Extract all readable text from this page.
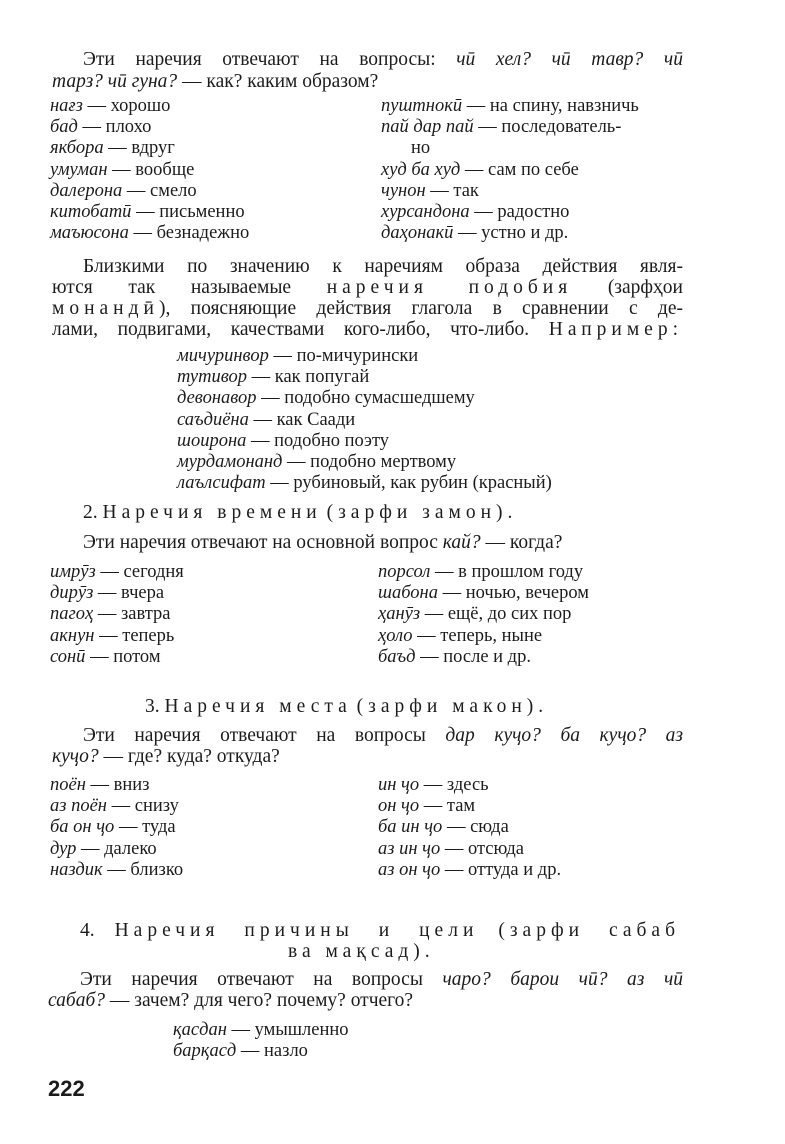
Эти наречия отвечают на вопросы: чӣ хел? чӣ тавр? чӣ

тарз? чӣ гуна? — как? каким образом?

нағз — хорошо
бад — плохо
якбора — вдруг
умуман — вообще
далерона — смело
китобатӣ — письменно
маъюсона — безнадежно
пуштнокӣ — на спину, навзничь
пай дар пай — последователь-
но
худ ба худ — сам по себе
чунон — так
хурсандона — радостно
даҳонакӣ — устно и др.

Близкими по значению к наречиям образа действия явля-

ются так называемые наречия подобия (зарфҳои

монандӣ), поясняющие действия глагола в сравнении с де-

лами, подвигами, качествами кого-либо, что-либо. Например:

мичуринвор — по-мичурински
тутивор — как попугай
девонавор — подобно сумасшедшему
саъдиёна — как Саади
шоирона — подобно поэту
мурдамонанд — подобно мертвому
лаълсифат — рубиновый, как рубин (красный)

2. Наречия времени (зарфи замон).

Эти наречия отвечают на основной вопрос кай? — когда?

имрӯз — сегодня
дирӯз — вчера
пагоҳ — завтра
акнун — теперь
сонӣ — потом
порсол — в прошлом году
шабона — ночью, вечером
ҳанӯз — ещё, до сих пор
ҳоло — теперь, ныне
баъд — после и др.

3. Наречия места (зарфи макон).

Эти наречия отвечают на вопросы дар куҷо? ба куҷо? аз

куҷо? — где? куда? откуда?

поён — вниз
аз поён — снизу
ба он ҷо — туда
дур — далеко
наздик — близко
ин ҷо — здесь
он ҷо — там
ба ин ҷо — сюда
аз ин ҷо — отсюда
аз он ҷо — оттуда и др.

4. Наречия причины и цели (зарфи сабаб

ва мақсад).

Эти наречия отвечают на вопросы чаро? барои чӣ? аз чӣ

сабаб? — зачем? для чего? почему? отчего?

қасдан — умышленно
барқасд — назло
222
